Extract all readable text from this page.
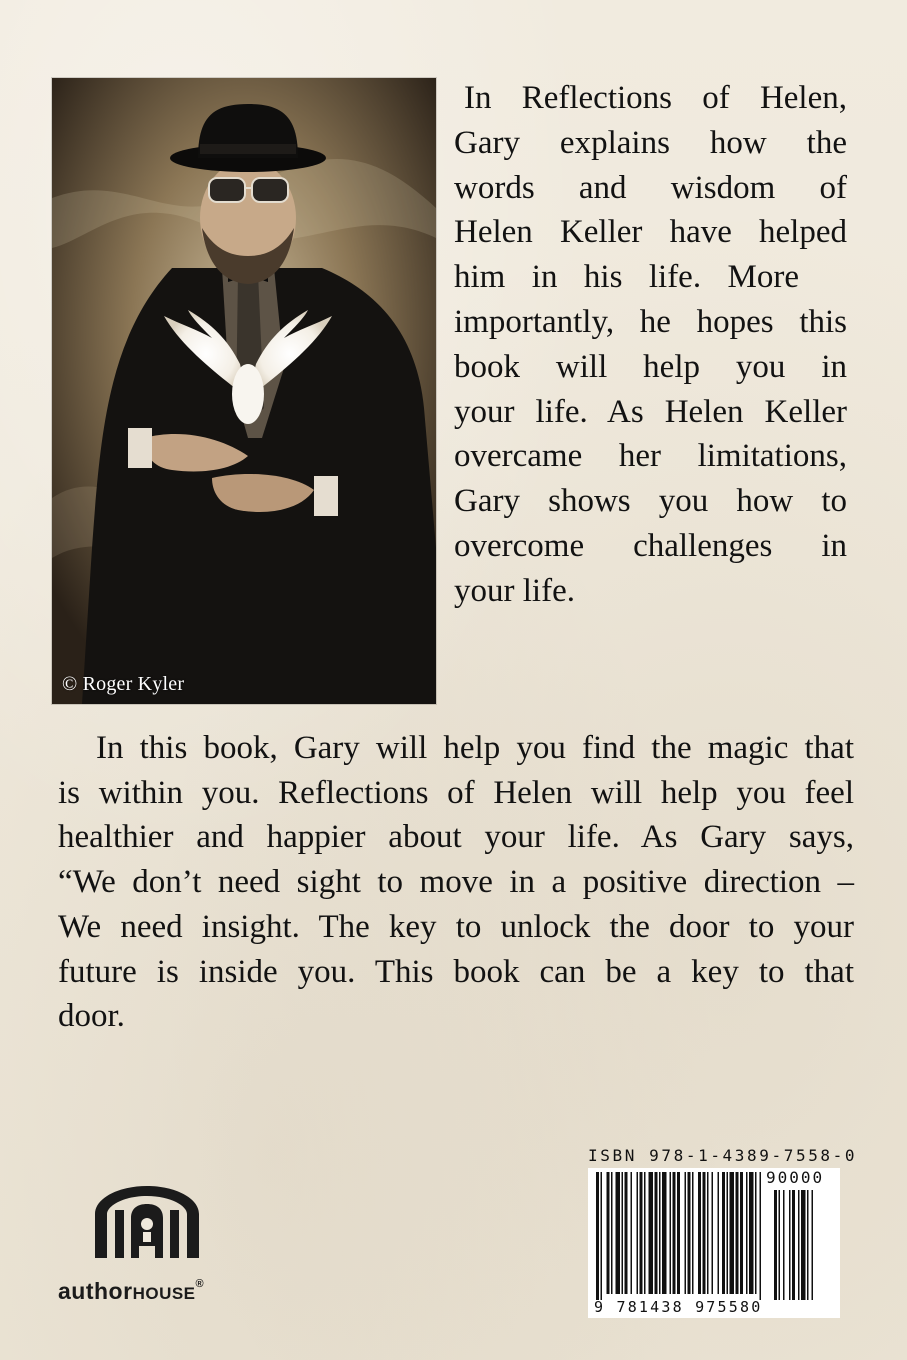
© Roger Kyler

In Reflections of Helen,
Gary explains how the
words and wisdom of
Helen Keller have helped
him in his life. More
importantly, he hopes this
book will help you in
your life. As Helen Keller
overcame her limitations,
Gary shows you how to
overcome challenges in
your life.

In this book, Gary will help you find the magic that
is within you. Reflections of Helen will help you feel
healthier and happier about your life. As Gary says,
“We don’t need sight to move in a positive direction –
We need insight. The key to unlock the door to your
future is inside you. This book can be a key to that
door.

authorHOUSE®
ISBN 978-1-4389-7558-0
90000
9 781438 975580
